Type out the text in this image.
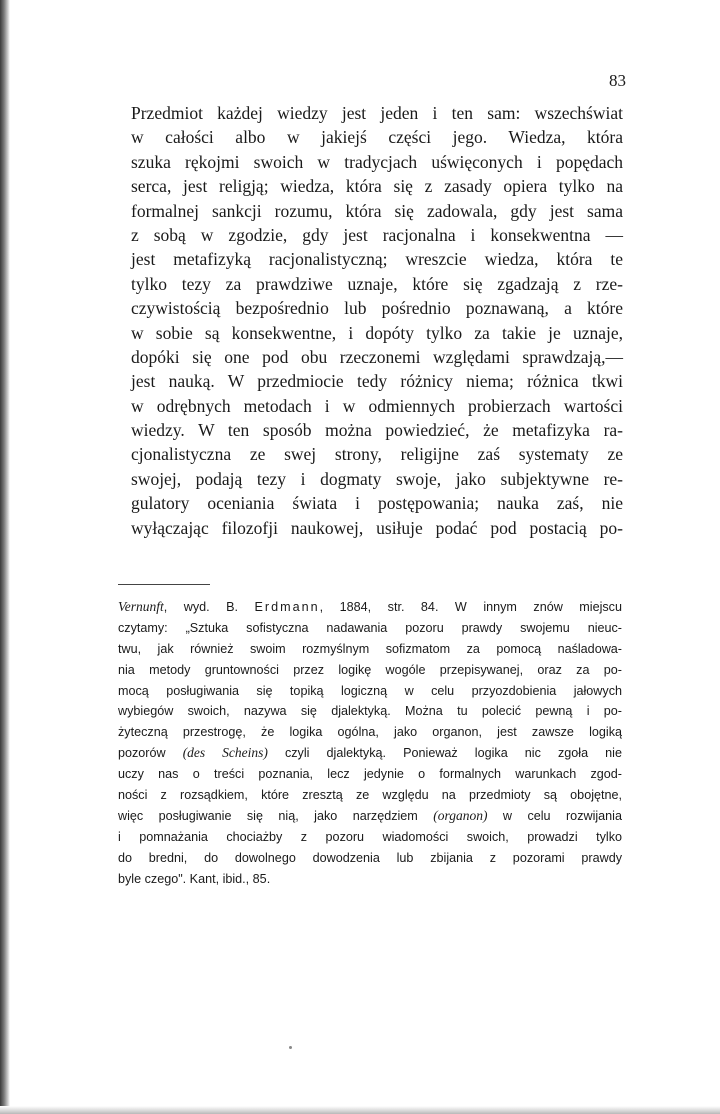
83
Przedmiot każdej wiedzy jest jeden i ten sam: wszechświat
w całości albo w jakiejś części jego. Wiedza, która
szuka rękojmi swoich w tradycjach uświęconych i popędach
serca, jest religją; wiedza, która się z zasady opiera tylko na
formalnej sankcji rozumu, która się zadowala, gdy jest sama
z sobą w zgodzie, gdy jest racjonalna i konsekwentna —
jest metafizyką racjonalistyczną; wreszcie wiedza, która te
tylko tezy za prawdziwe uznaje, które się zgadzają z rze-
czywistością bezpośrednio lub pośrednio poznawaną, a które
w sobie są konsekwentne, i dopóty tylko za takie je uznaje,
dopóki się one pod obu rzeczonemi względami sprawdzają,—
jest nauką. W przedmiocie tedy różnicy niema; różnica tkwi
w odrębnych metodach i w odmiennych probierzach wartości
wiedzy. W ten sposób można powiedzieć, że metafizyka ra-
cjonalistyczna ze swej strony, religijne zaś systematy ze
swojej, podają tezy i dogmaty swoje, jako subjektywne re-
gulatory oceniania świata i postępowania; nauka zaś, nie
wyłączając filozofji naukowej, usiłuje podać pod postacią po-
Vernunft, wyd. B. Erdmann, 1884, str. 84. W innym znów miejscu
czytamy: „Sztuka sofistyczna nadawania pozoru prawdy swojemu nieuc-
twu, jak również swoim rozmyślnym sofizmatom za pomocą naśladowa-
nia metody gruntowności przez logikę wogóle przepisywanej, oraz za po-
mocą posługiwania się topiką logiczną w celu przyozdobienia jałowych
wybiegów swoich, nazywa się djalektyką. Można tu polecić pewną i po-
żyteczną przestrogę, że logika ogólna, jako organon, jest zawsze logiką
pozorów (des Scheins) czyli djalektyką. Ponieważ logika nic zgoła nie
uczy nas o treści poznania, lecz jedynie o formalnych warunkach zgod-
ności z rozsądkiem, które zresztą ze względu na przedmioty są obojętne,
więc posługiwanie się nią, jako narzędziem (organon) w celu rozwijania
i pomnażania chociażby z pozoru wiadomości swoich, prowadzi tylko
do bredni, do dowolnego dowodzenia lub zbijania z pozorami prawdy
byle czego". Kant, ibid., 85.
